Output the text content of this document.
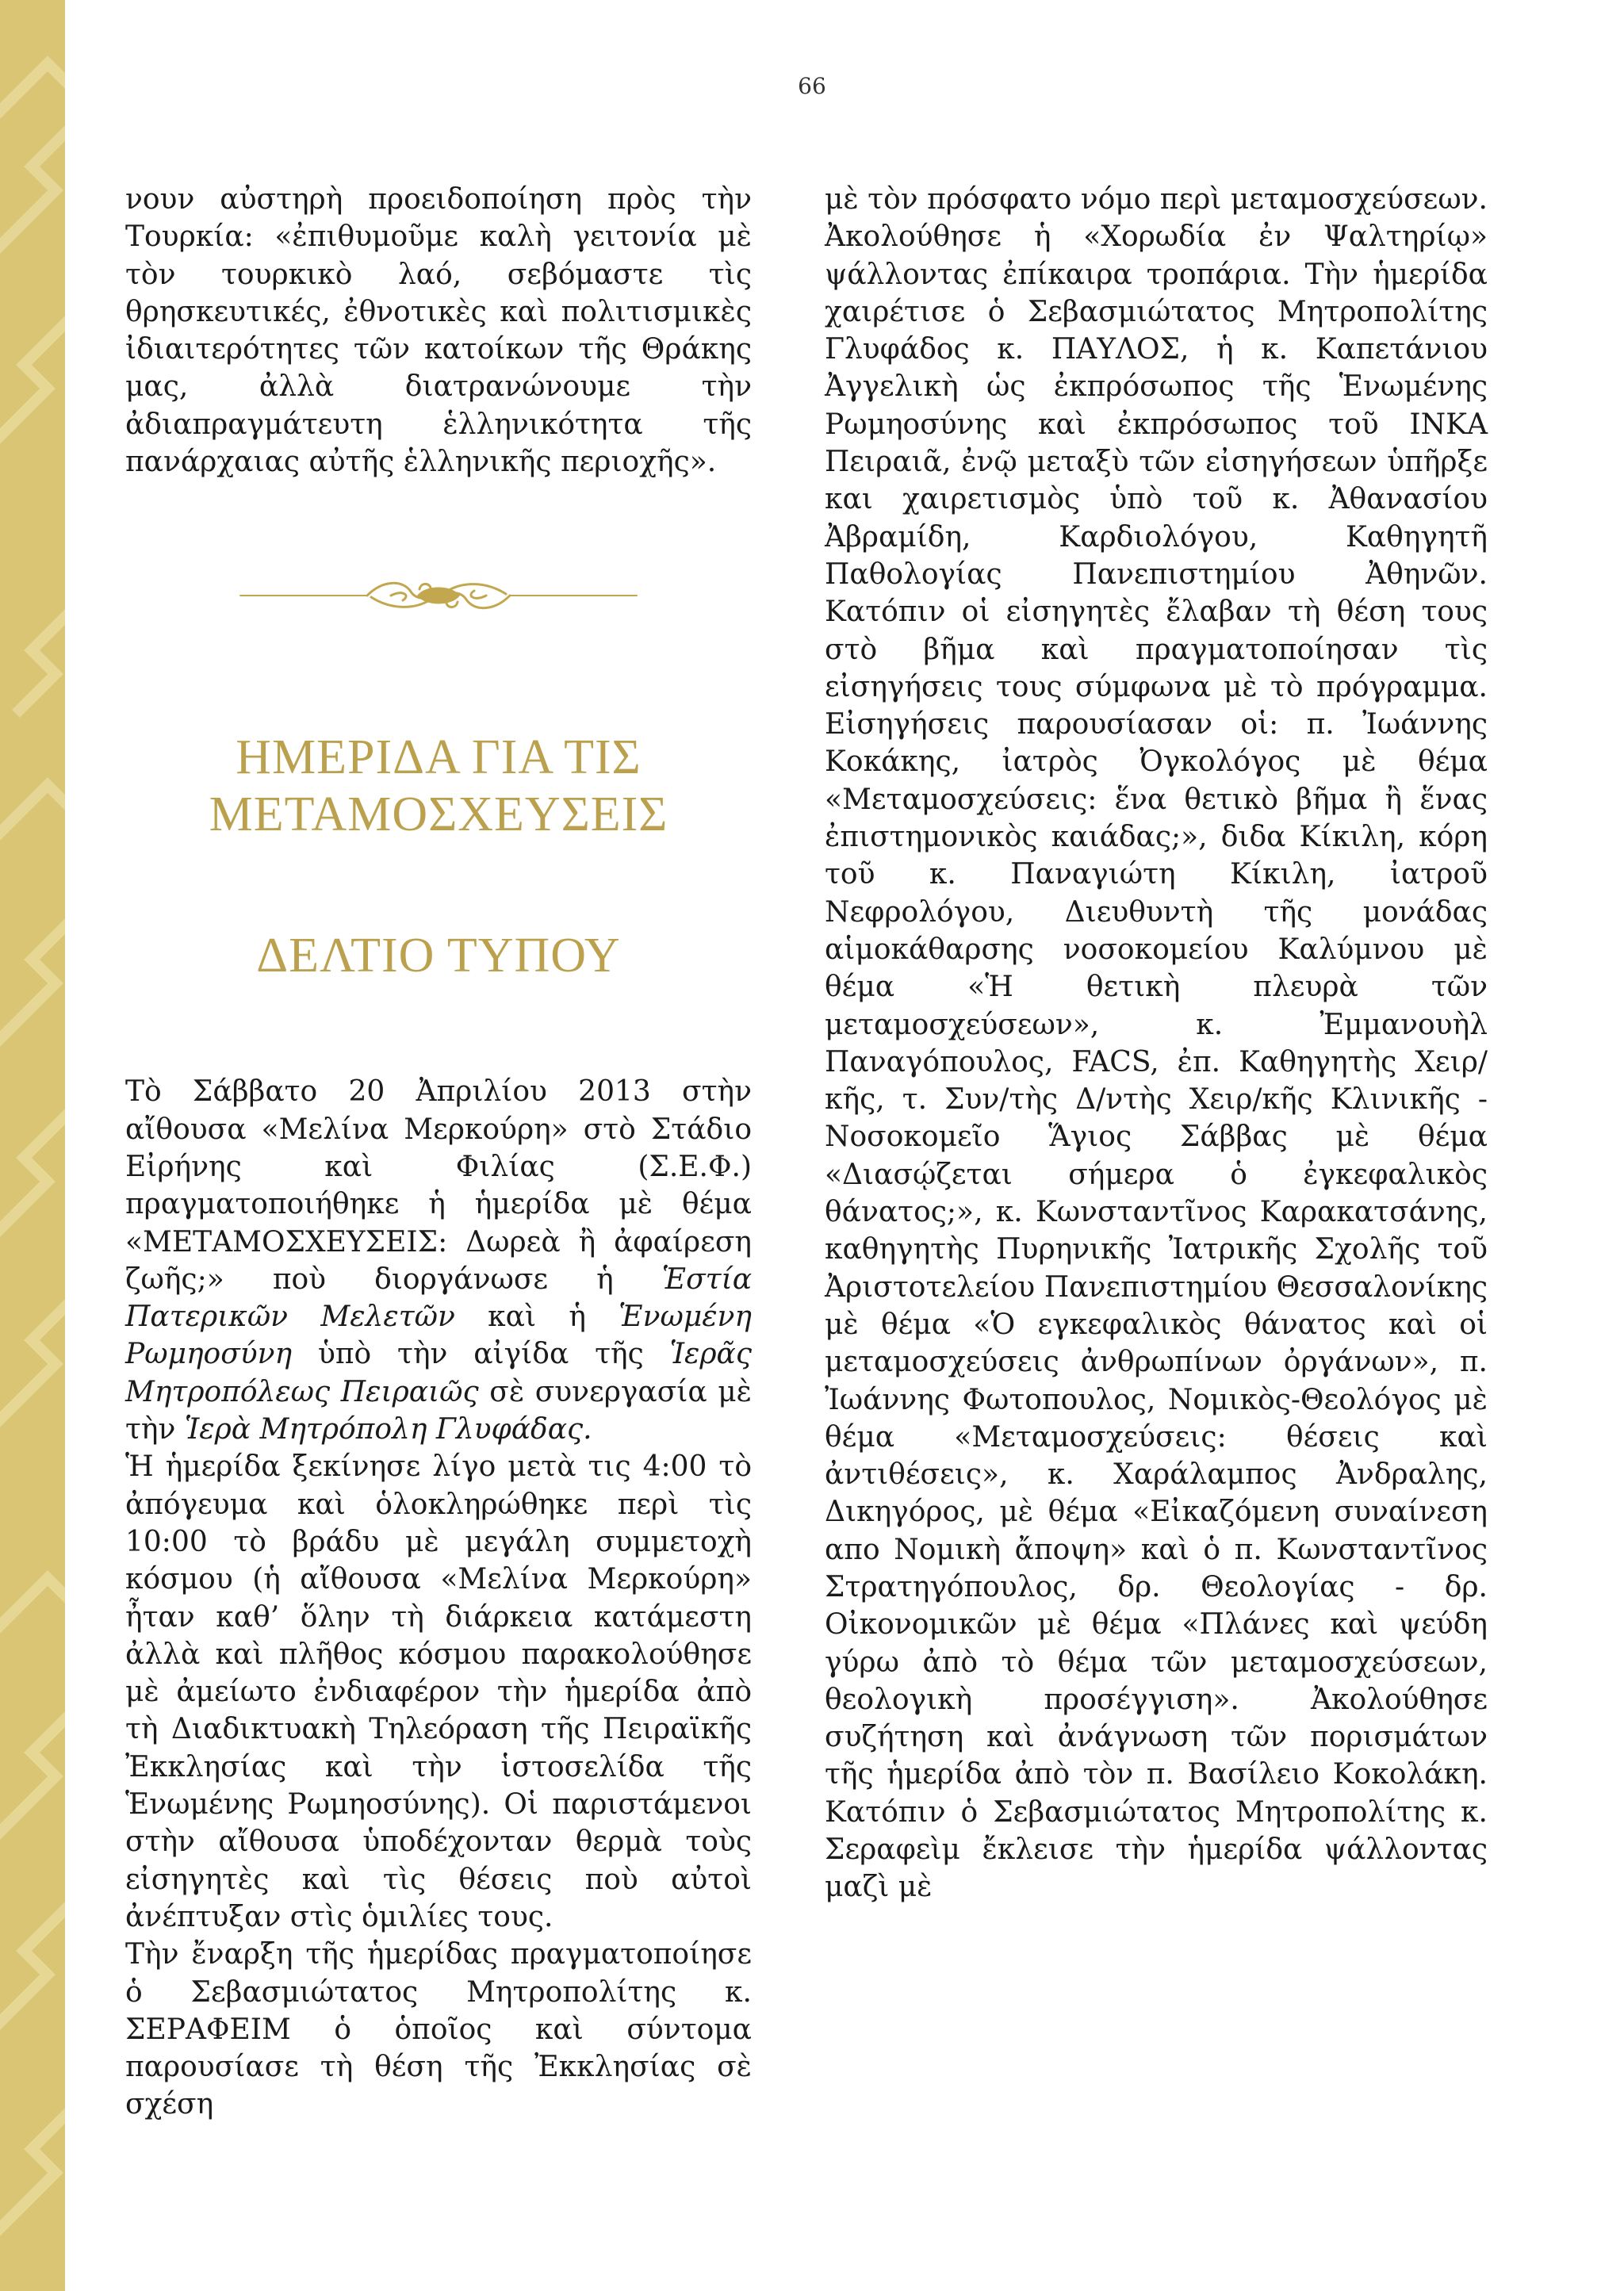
66

νουν αὐστηρὴ προειδοποίηση πρὸς τὴν Τουρκία: «ἐπιθυμοῦμε καλὴ γειτονία μὲ τὸν τουρκικὸ λαό, σεβόμαστε τὶς θρησκευτικές, ἐθνοτικὲς καὶ πολιτισμικὲς ἰδιαιτερότητες τῶν κατοίκων τῆς Θράκης μας, ἀλλὰ διατρανώνουμε τὴν ἀδιαπραγμάτευτη ἑλληνικότητα τῆς πανάρχαιας αὐτῆς ἑλληνικῆς περιοχῆς».

ΗΜΕΡΙΔΑ ΓΙΑ ΤΙΣ
ΜΕΤΑΜΟΣΧΕΥΣΕΙΣ
ΔΕΛΤΙΟ ΤΥΠΟΥ

Τὸ Σάββατο 20 Ἀπριλίου 2013 στὴν αἴθουσα «Μελίνα Μερκούρη» στὸ Στάδιο Εἰρήνης καὶ Φιλίας (Σ.Ε.Φ.) πραγματοποιήθηκε ἡ ἡμερίδα μὲ θέμα «ΜΕΤΑΜΟΣΧΕΥΣΕΙΣ: Δωρεὰ ἢ ἀφαίρεση ζωῆς;» ποὺ διοργάνωσε ἡ Ἑστία Πατερικῶν Μελετῶν καὶ ἡ Ἑνωμένη Ρωμηοσύνη ὑπὸ τὴν αἰγίδα τῆς Ἱερᾶς Μητροπόλεως Πειραιῶς σὲ συνεργασία μὲ τὴν Ἱερὰ Μητρόπολη Γλυφάδας.

Ἡ ἡμερίδα ξεκίνησε λίγο μετὰ τις 4:00 τὸ ἀπόγευμα καὶ ὁλοκληρώθηκε περὶ τὶς 10:00 τὸ βράδυ μὲ μεγάλη συμμετοχὴ κόσμου (ἡ αἴθουσα «Μελίνα Μερκούρη» ἦταν καθ’ ὅλην τὴ διάρκεια κατάμεστη ἀλλὰ καὶ πλῆθος κόσμου παρακολούθησε μὲ ἀμείωτο ἐνδιαφέρον τὴν ἡμερίδα ἀπὸ τὴ Διαδικτυακὴ Τηλεόραση τῆς Πειραϊκῆς Ἐκκλησίας καὶ τὴν ἱστοσελίδα τῆς Ἑνωμένης Ρωμηοσύνης). Οἱ παριστάμενοι στὴν αἴθουσα ὑποδέχονταν θερμὰ τοὺς εἰσηγητὲς καὶ τὶς θέσεις ποὺ αὐτοὶ ἀνέπτυξαν στὶς ὁμιλίες τους.

Τὴν ἔναρξη τῆς ἡμερίδας πραγματοποίησε ὁ Σεβασμιώτατος Μητροπολίτης κ. ΣΕΡΑΦΕΙΜ ὁ ὁποῖος καὶ σύντομα παρουσίασε τὴ θέση τῆς Ἐκκλησίας σὲ σχέση

μὲ τὸν πρόσφατο νόμο περὶ μεταμοσχεύσεων. Ἀκολούθησε ἡ «Χορωδία ἐν Ψαλτηρίῳ» ψάλλοντας ἐπίκαιρα τροπάρια. Τὴν ἡμερίδα χαιρέτισε ὁ Σεβασμιώτατος Μητροπολίτης Γλυφάδος κ. ΠΑΥΛΟΣ, ἡ κ. Καπετάνιου Ἀγγελικὴ ὡς ἐκπρόσωπος τῆς Ἑνωμένης Ρωμηοσύνης καὶ ἐκπρόσωπος τοῦ ΙΝΚΑ Πειραιᾶ, ἐνῷ μεταξὺ τῶν εἰσηγήσεων ὑπῆρξε και χαιρετισμὸς ὑπὸ τοῦ κ. Ἀθανασίου Ἀβραμίδη, Καρδιολόγου, Καθηγητῆ Παθολογίας Πανεπιστημίου Ἀθηνῶν. Κατόπιν οἱ εἰσηγητὲς ἔλαβαν τὴ θέση τους στὸ βῆμα καὶ πραγματοποίησαν τὶς εἰσηγήσεις τους σύμφωνα μὲ τὸ πρόγραμμα. Εἰσηγήσεις παρουσίασαν οἱ: π. Ἰωάννης Κοκάκης, ἰατρὸς Ὀγκολόγος μὲ θέμα «Μεταμοσχεύσεις: ἕνα θετικὸ βῆμα ἢ ἕνας ἐπιστημονικὸς καιάδας;», διδα Κίκιλη, κόρη τοῦ κ. Παναγιώτη Κίκιλη, ἰατροῦ Νεφρολόγου, Διευθυντὴ τῆς μονάδας αἱμοκάθαρσης νοσοκομείου Καλύμνου μὲ θέμα «Ἡ θετικὴ πλευρὰ τῶν μεταμοσχεύσεων», κ. Ἐμμανουὴλ Παναγόπουλος, FACS, ἐπ. Καθηγητὴς Χειρ/κῆς, τ. Συν/τὴς Δ/ντὴς Χειρ/κῆς Κλινικῆς - Νοσοκομεῖο Ἅγιος Σάββας μὲ θέμα «Διασῴζεται σήμερα ὁ ἐγκεφαλικὸς θάνατος;», κ. Κωνσταντῖνος Καρακατσάνης, καθηγητὴς Πυρηνικῆς Ἰατρικῆς Σχολῆς τοῦ Ἀριστοτελείου Πανεπιστημίου Θεσσαλονίκης μὲ θέμα «Ὁ εγκεφαλικὸς θάνατος καὶ οἱ μεταμοσχεύσεις ἀνθρωπίνων ὀργάνων», π. Ἰωάννης Φωτοπουλος, Νομικὸς-Θεολόγος μὲ θέμα «Μεταμοσχεύσεις: θέσεις καὶ ἀντιθέσεις», κ. Χαράλαμπος Ἀνδραλης, Δικηγόρος, μὲ θέμα «Εἰκαζόμενη συναίνεση απο Νομικὴ ἄποψη» καὶ ὁ π. Κωνσταντῖνος Στρατηγόπουλος, δρ. Θεολογίας - δρ. Οἰκονομικῶν μὲ θέμα «Πλάνες καὶ ψεύδη γύρω ἀπὸ τὸ θέμα τῶν μεταμοσχεύσεων, θεολογικὴ προσέγγιση». Ἀκολούθησε συζήτηση καὶ ἀνάγνωση τῶν πορισμάτων τῆς ἡμερίδα ἀπὸ τὸν π. Βασίλειο Κοκολάκη. Κατόπιν ὁ Σεβασμιώτατος Μητροπολίτης κ. Σεραφεὶμ ἔκλεισε τὴν ἡμερίδα ψάλλοντας μαζὶ μὲ
